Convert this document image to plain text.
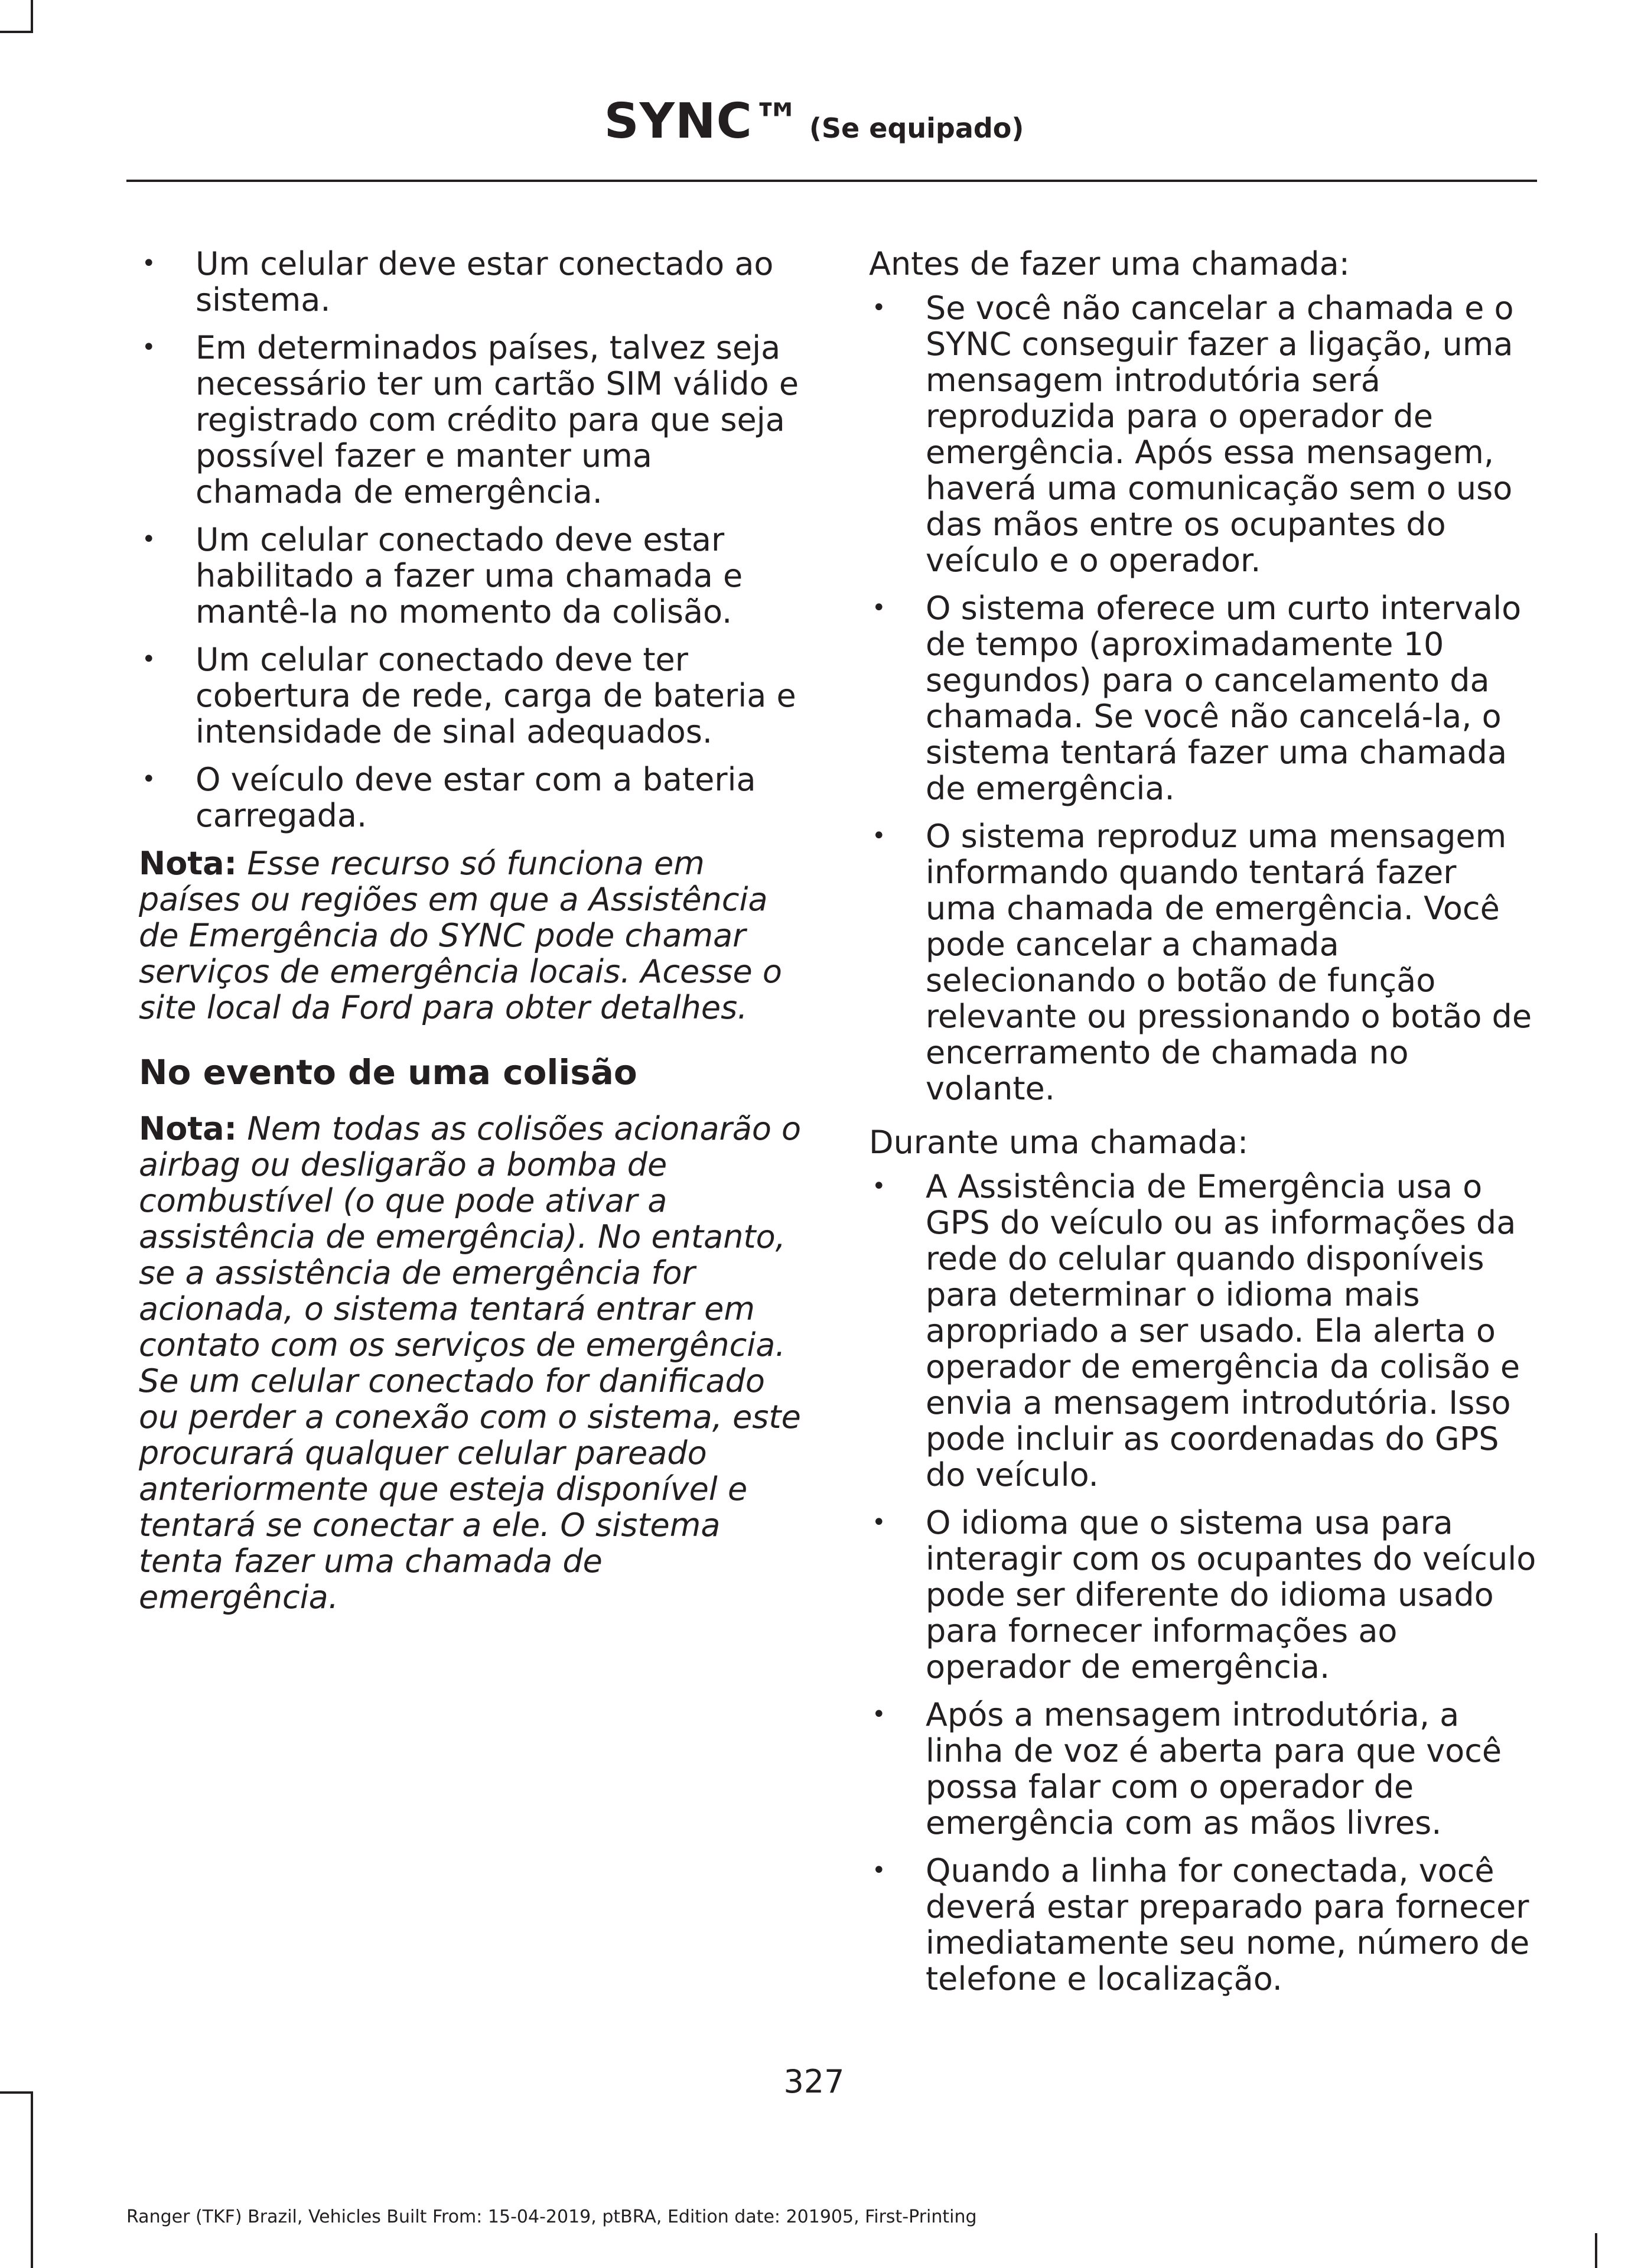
SYNC™ (Se equipado)
• Um celular deve estar conectado ao sistema.
• Em determinados países, talvez seja necessário ter um cartão SIM válido e registrado com crédito para que seja possível fazer e manter uma chamada de emergência.
• Um celular conectado deve estar habilitado a fazer uma chamada e mantê-la no momento da colisão.
• Um celular conectado deve ter cobertura de rede, carga de bateria e intensidade de sinal adequados.
• O veículo deve estar com a bateria carregada.

Nota: Esse recurso só funciona em países ou regiões em que a Assistência de Emergência do SYNC pode chamar serviços de emergência locais. Acesse o site local da Ford para obter detalhes.

No evento de uma colisão

Nota: Nem todas as colisões acionarão o airbag ou desligarão a bomba de combustível (o que pode ativar a assistência de emergência). No entanto, se a assistência de emergência for acionada, o sistema tentará entrar em contato com os serviços de emergência. Se um celular conectado for danificado ou perder a conexão com o sistema, este procurará qualquer celular pareado anteriormente que esteja disponível e tentará se conectar a ele. O sistema tenta fazer uma chamada de emergência.

Antes de fazer uma chamada:

• Se você não cancelar a chamada e o SYNC conseguir fazer a ligação, uma mensagem introdutória será reproduzida para o operador de emergência. Após essa mensagem, haverá uma comunicação sem o uso das mãos entre os ocupantes do veículo e o operador.
• O sistema oferece um curto intervalo de tempo (aproximadamente 10 segundos) para o cancelamento da chamada. Se você não cancelá-la, o sistema tentará fazer uma chamada de emergência.
• O sistema reproduz uma mensagem informando quando tentará fazer uma chamada de emergência. Você pode cancelar a chamada selecionando o botão de função relevante ou pressionando o botão de encerramento de chamada no volante.

Durante uma chamada:

• A Assistência de Emergência usa o GPS do veículo ou as informações da rede do celular quando disponíveis para determinar o idioma mais apropriado a ser usado. Ela alerta o operador de emergência da colisão e envia a mensagem introdutória. Isso pode incluir as coordenadas do GPS do veículo.
• O idioma que o sistema usa para interagir com os ocupantes do veículo pode ser diferente do idioma usado para fornecer informações ao operador de emergência.
• Após a mensagem introdutória, a linha de voz é aberta para que você possa falar com o operador de emergência com as mãos livres.
• Quando a linha for conectada, você deverá estar preparado para fornecer imediatamente seu nome, número de telefone e localização.
327
Ranger (TKF) Brazil, Vehicles Built From: 15-04-2019, ptBRA, Edition date: 201905, First-Printing
